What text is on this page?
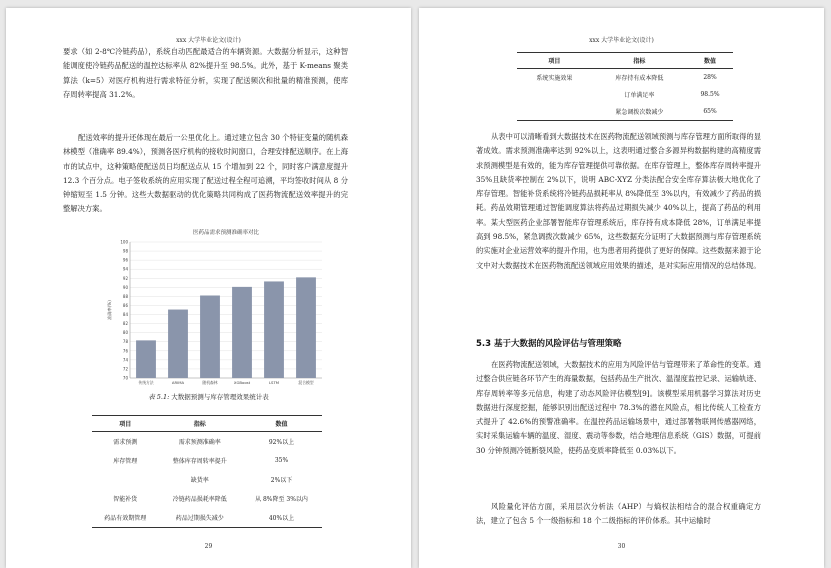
xxx 大学毕业论文(设计)

要求（如 2-8℃冷链药品），系统自动匹配最适合的车辆资源。大数据分析显示，这种智能调度使冷链药品配送的温控达标率从 82%提升至 98.5%。此外，基于 K-means 聚类算法（k=5）对医疗机构进行需求特征分析，实现了配送频次和批量的精准预测，使库存周转率提高 31.2%。

配送效率的提升还体现在最后一公里优化上。通过建立包含 30 个特征变量的随机森林模型（准确率 89.4%），预测各医疗机构的接收时间窗口，合理安排配送顺序。在上海市的试点中，这种策略使配送员日均配送点从 15 个增加到 22 个，同时客户满意度提升 12.3 个百分点。电子签收系统的应用实现了配送过程全程可追溯，平均签收时间从 8 分钟缩短至 1.5 分钟。这些大数据驱动的优化策略共同构成了医药物流配送效率提升的完整解决方案。

医药品需求预测准确率对比
70
72
74
76
78
80
82
84
86
88
90
92
94
96
98
100
准确率(%)
传统方法	ARIMA	随机森林	XGBoost	LSTM	混合模型
表 5.1: 大数据预测与库存管理效果统计表
项目	指标	数值
需求预测	需求预测准确率	92%以上
库存管理	整体库存周转率提升	35%
	缺货率	2%以下
智能补货	冷链药品损耗率降低	从 8%降至 3%以内
药品有效期管理	药品过期损失减少	40%以上
29
xxx 大学毕业论文(设计)
项目	指标	数值
系统实施效果	库存持有成本降低	28%
	订单满足率	98.5%
	紧急调拨次数减少	65%

从表中可以清晰看到大数据技术在医药物流配送领域预测与库存管理方面所取得的显著成效。需求预测准确率达到 92%以上，这表明通过整合多源异构数据构建的高精度需求预测模型是有效的，能为库存管理提供可靠依据。在库存管理上，整体库存周转率提升 35%且缺货率控制在 2%以下，说明 ABC-XYZ 分类法配合安全库存算法极大地优化了库存管理。智能补货系统将冷链药品损耗率从 8%降低至 3%以内，有效减少了药品的损耗。药品效期管理通过智能调度算法将药品过期损失减少 40%以上，提高了药品的利用率。某大型医药企业部署智能库存管理系统后，库存持有成本降低 28%，订单满足率提高到 98.5%，紧急调拨次数减少 65%，这些数据充分证明了大数据预测与库存管理系统的实施对企业运营效率的提升作用，也为患者用药提供了更好的保障。这些数据来源于论文中对大数据技术在医药物流配送领域应用效果的描述，是对实际应用情况的总结体现。

5.3 基于大数据的风险评估与管理策略

在医药物流配送领域，大数据技术的应用为风险评估与管理带来了革命性的变革。通过整合供应链各环节产生的海量数据，包括药品生产批次、温湿度监控记录、运输轨迹、库存周转率等多元信息，构建了动态风险评估模型[9]。该模型采用机器学习算法对历史数据进行深度挖掘，能够识别出配送过程中 78.3%的潜在风险点，相比传统人工检查方式提升了 42.6%的预警准确率。在温控药品运输场景中，通过部署物联网传感器网络，实时采集运输车辆的温度、湿度、震动等参数，结合地理信息系统（GIS）数据，可提前 30 分钟预测冷链断裂风险，使药品变质率降低至 0.03%以下。

风险量化评估方面，采用层次分析法（AHP）与熵权法相结合的混合权重确定方法，建立了包含 5 个一级指标和 18 个二级指标的评价体系。其中运输时

30
